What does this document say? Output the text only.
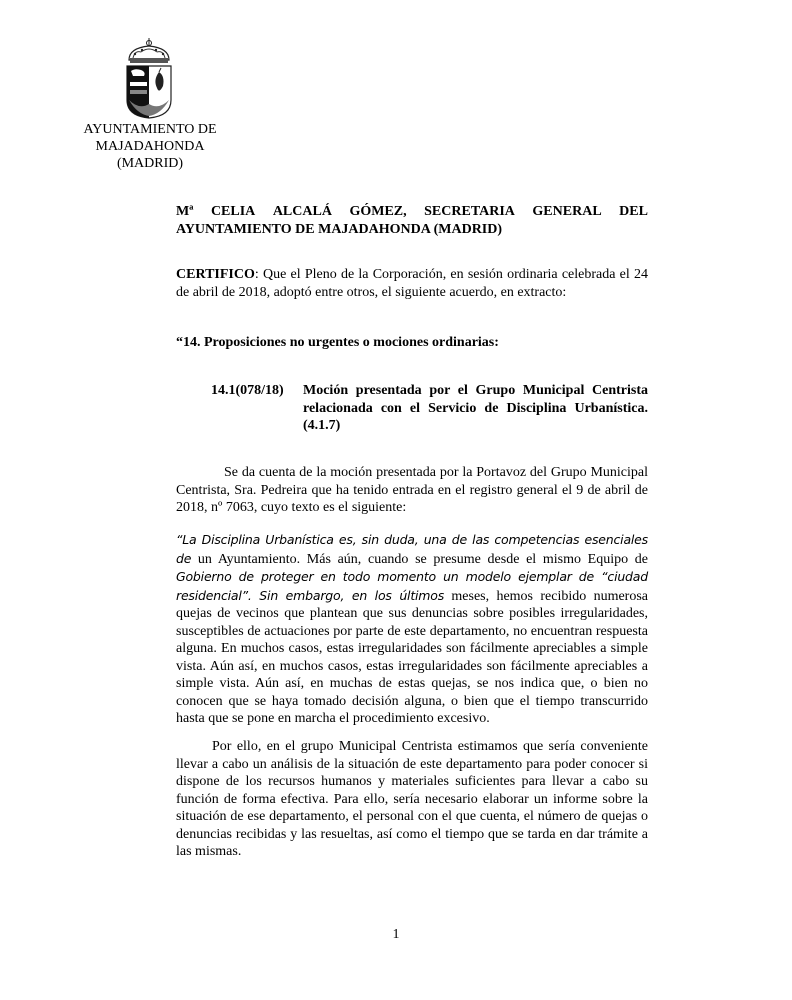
AYUNTAMIENTO DE
MAJADAHONDA
(MADRID)
Mª CELIA ALCALÁ GÓMEZ, SECRETARIA GENERAL DEL
AYUNTAMIENTO DE MAJADAHONDA (MADRID)
CERTIFICO: Que el Pleno de la Corporación, en sesión ordinaria celebrada el 24 de abril de 2018, adoptó entre otros, el siguiente acuerdo, en extracto:
“14. Proposiciones no urgentes o mociones ordinarias:
14.1(078/18)	Moción presentada por el Grupo Municipal Centrista relacionada con el Servicio de Disciplina Urbanística. (4.1.7)
Se da cuenta de la moción presentada por la Portavoz del Grupo Municipal Centrista, Sra. Pedreira que ha tenido entrada en el registro general el 9 de abril de 2018, nº 7063, cuyo texto es el siguiente:
“La Disciplina Urbanística es, sin duda, una de las competencias esenciales de un Ayuntamiento. Más aún, cuando se presume desde el mismo Equipo de Gobierno de proteger en todo momento un modelo ejemplar de “ciudad residencial”. Sin embargo, en los últimos meses, hemos recibido numerosa quejas de vecinos que plantean que sus denuncias sobre posibles irregularidades, susceptibles de actuaciones por parte de este departamento, no encuentran respuesta alguna. En muchos casos, estas irregularidades son fácilmente apreciables a simple vista. Aún así, en muchos casos, estas irregularidades son fácilmente apreciables a simple vista. Aún así, en muchas de estas quejas, se nos indica que, o bien no conocen que se haya tomado decisión alguna, o bien que el tiempo transcurrido hasta que se pone en marcha el procedimiento excesivo.
Por ello, en el grupo Municipal Centrista estimamos que sería conveniente llevar a cabo un análisis de la situación de este departamento para poder conocer si dispone de los recursos humanos y materiales suficientes para llevar a cabo su función de forma efectiva. Para ello, sería necesario elaborar un informe sobre la situación de ese departamento, el personal con el que cuenta, el número de quejas o denuncias recibidas y las resueltas, así como el tiempo que se tarda en dar trámite a las mismas.
1
